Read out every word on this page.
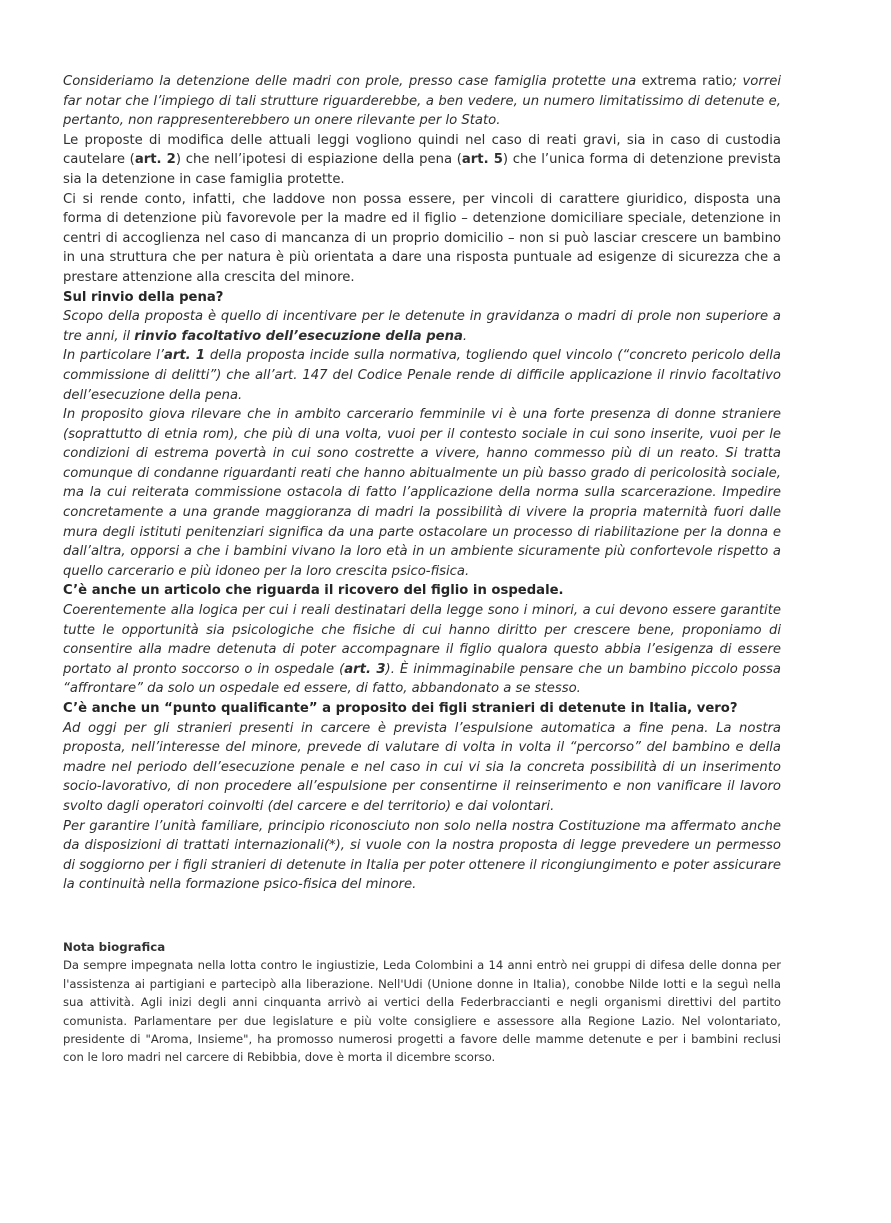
Consideriamo la detenzione delle madri con prole, presso case famiglia protette una extrema ratio; vorrei far notar che l’impiego di tali strutture riguarderebbe, a ben vedere, un numero limitatissimo di detenute e, pertanto, non rappresenterebbero un onere rilevante per lo Stato.

Le proposte di modifica delle attuali leggi vogliono quindi nel caso di reati gravi, sia in caso di custodia cautelare (art. 2) che nell’ipotesi di espiazione della pena (art. 5) che l’unica forma di detenzione prevista sia la detenzione in case famiglia protette.

Ci si rende conto, infatti, che laddove non possa essere, per vincoli di carattere giuridico, disposta una forma di detenzione più favorevole per la madre ed il figlio – detenzione domiciliare speciale, detenzione in centri di accoglienza nel caso di mancanza di un proprio domicilio – non si può lasciar crescere un bambino in una struttura che per natura è più orientata a dare una risposta puntuale ad esigenze di sicurezza che a prestare attenzione alla crescita del minore.

Sul rinvio della pena?

Scopo della proposta è quello di incentivare per le detenute in gravidanza o madri di prole non superiore a tre anni, il rinvio facoltativo dell’esecuzione della pena.

In particolare l’art. 1 della proposta incide sulla normativa, togliendo quel vincolo (“concreto pericolo della commissione di delitti”) che all’art. 147 del Codice Penale rende di difficile applicazione il rinvio facoltativo dell’esecuzione della pena.

In proposito giova rilevare che in ambito carcerario femminile vi è una forte presenza di donne straniere (soprattutto di etnia rom), che più di una volta, vuoi per il contesto sociale in cui sono inserite, vuoi per le condizioni di estrema povertà in cui sono costrette a vivere, hanno commesso più di un reato. Si tratta comunque di condanne riguardanti reati che hanno abitualmente un più basso grado di pericolosità sociale, ma la cui reiterata commissione ostacola di fatto l’applicazione della norma sulla scarcerazione. Impedire concretamente a una grande maggioranza di madri la possibilità di vivere la propria maternità fuori dalle mura degli istituti penitenziari significa da una parte ostacolare un processo di riabilitazione per la donna e dall’altra, opporsi a che i bambini vivano la loro età in un ambiente sicuramente più confortevole rispetto a quello carcerario e più idoneo per la loro crescita psico-fisica.

C’è anche un articolo che riguarda il ricovero del figlio in ospedale.

Coerentemente alla logica per cui i reali destinatari della legge sono i minori, a cui devono essere garantite tutte le opportunità sia psicologiche che fisiche di cui hanno diritto per crescere bene, proponiamo di consentire alla madre detenuta di poter accompagnare il figlio qualora questo abbia l’esigenza di essere portato al pronto soccorso o in ospedale (art. 3). È inimmaginabile pensare che un bambino piccolo possa “affrontare” da solo un ospedale ed essere, di fatto, abbandonato a se stesso.

C’è anche un “punto qualificante” a proposito dei figli stranieri di detenute in Italia, vero?

Ad oggi per gli stranieri presenti in carcere è prevista l’espulsione automatica a fine pena. La nostra proposta, nell’interesse del minore, prevede di valutare di volta in volta il “percorso” del bambino e della madre nel periodo dell’esecuzione penale e nel caso in cui vi sia la concreta possibilità di un inserimento socio-lavorativo, di non procedere all’espulsione per consentirne il reinserimento e non vanificare il lavoro svolto dagli operatori coinvolti (del carcere e del territorio) e dai volontari.

Per garantire l’unità familiare, principio riconosciuto non solo nella nostra Costituzione ma affermato anche da disposizioni di trattati internazionali(*), si vuole con la nostra proposta di legge prevedere un permesso di soggiorno per i figli stranieri di detenute in Italia per poter ottenere il ricongiungimento e poter assicurare la continuità nella formazione psico-fisica del minore.

Nota biografica

Da sempre impegnata nella lotta contro le ingiustizie, Leda Colombini a 14 anni entrò nei gruppi di difesa delle donna per l'assistenza ai partigiani e partecipò alla liberazione. Nell'Udi (Unione donne in Italia), conobbe Nilde Iotti e la seguì nella sua attività. Agli inizi degli anni cinquanta arrivò ai vertici della Federbraccianti e negli organismi direttivi del partito comunista. Parlamentare per due legislature e più volte consigliere e assessore alla Regione Lazio. Nel volontariato, presidente di "Aroma, Insieme", ha promosso numerosi progetti a favore delle mamme detenute e per i bambini reclusi con le loro madri nel carcere di Rebibbia, dove è morta il dicembre scorso.
